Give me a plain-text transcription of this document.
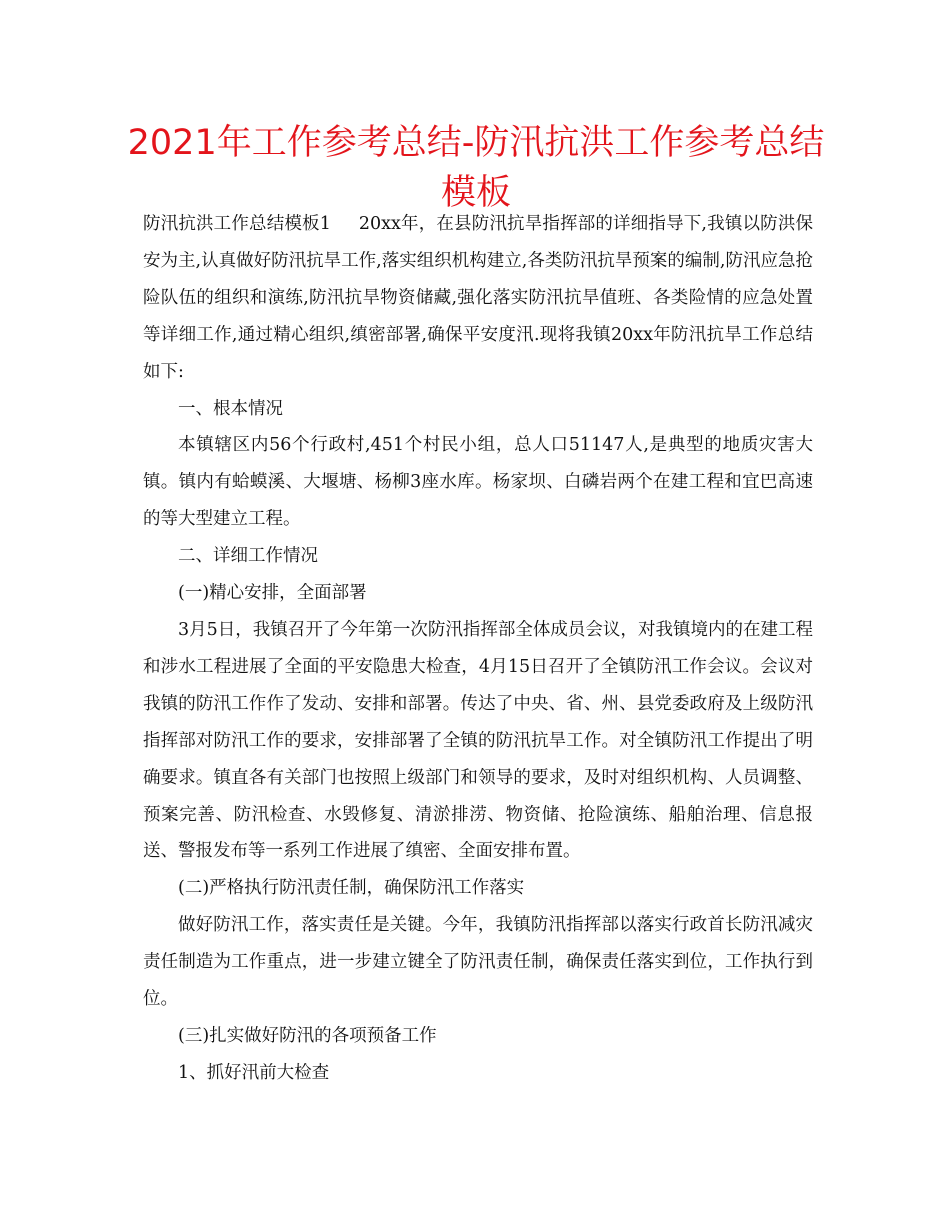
2021年工作参考总结-防汛抗洪工作参考总结模板

防汛抗洪工作总结模板1 20xx年，在县防汛抗旱指挥部的详细指导下,我镇以防洪保安为主,认真做好防汛抗旱工作,落实组织机构建立,各类防汛抗旱预案的编制,防汛应急抢险队伍的组织和演练,防汛抗旱物资储藏,强化落实防汛抗旱值班、各类险情的应急处置等详细工作,通过精心组织,缜密部署,确保平安度汛.现将我镇20xx年防汛抗旱工作总结如下:

一、根本情况

本镇辖区内56个行政村,451个村民小组，总人口51147人,是典型的地质灾害大镇。镇内有蛤蟆溪、大堰塘、杨柳3座水库。杨家坝、白磷岩两个在建工程和宜巴高速的等大型建立工程。

二、详细工作情况

(一)精心安排，全面部署

3月5日，我镇召开了今年第一次防汛指挥部全体成员会议，对我镇境内的在建工程和涉水工程进展了全面的平安隐患大检查，4月15日召开了全镇防汛工作会议。会议对我镇的防汛工作作了发动、安排和部署。传达了中央、省、州、县党委政府及上级防汛指挥部对防汛工作的要求，安排部署了全镇的防汛抗旱工作。对全镇防汛工作提出了明确要求。镇直各有关部门也按照上级部门和领导的要求，及时对组织机构、人员调整、预案完善、防汛检查、水毁修复、清淤排涝、物资储、抢险演练、船舶治理、信息报送、警报发布等一系列工作进展了缜密、全面安排布置。

(二)严格执行防汛责任制，确保防汛工作落实

做好防汛工作，落实责任是关键。今年，我镇防汛指挥部以落实行政首长防汛减灾责任制造为工作重点，进一步建立键全了防汛责任制，确保责任落实到位，工作执行到位。

(三)扎实做好防汛的各项预备工作

1、抓好汛前大检查
